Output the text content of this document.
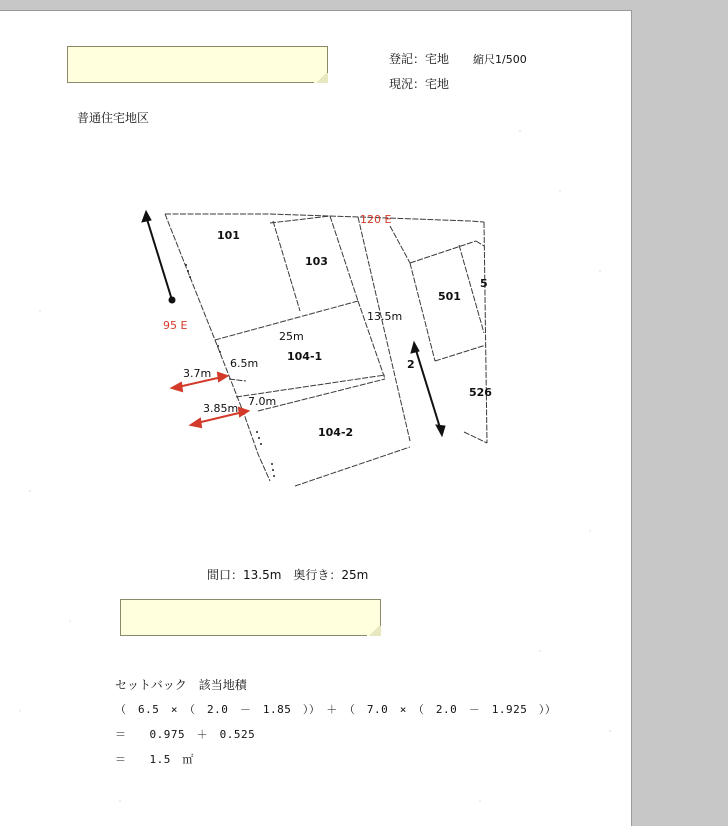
登記：宅地 縮尺1/500
現況：宅地
普通住宅地区
120 E
95 E
101
103
501
5
104-1
104-2
526
2
25m
13.5m
6.5m
3.7m
3.85m
7.0m
間口：13.5m　奥行き：25m
セットバック　該当地積
（　6.5　×　（　2.0　－　1.85　））　＋　（　7.0　×　（　2.0　－　1.925　））
＝　　0.975　＋　0.525
＝　　1.5　㎡
